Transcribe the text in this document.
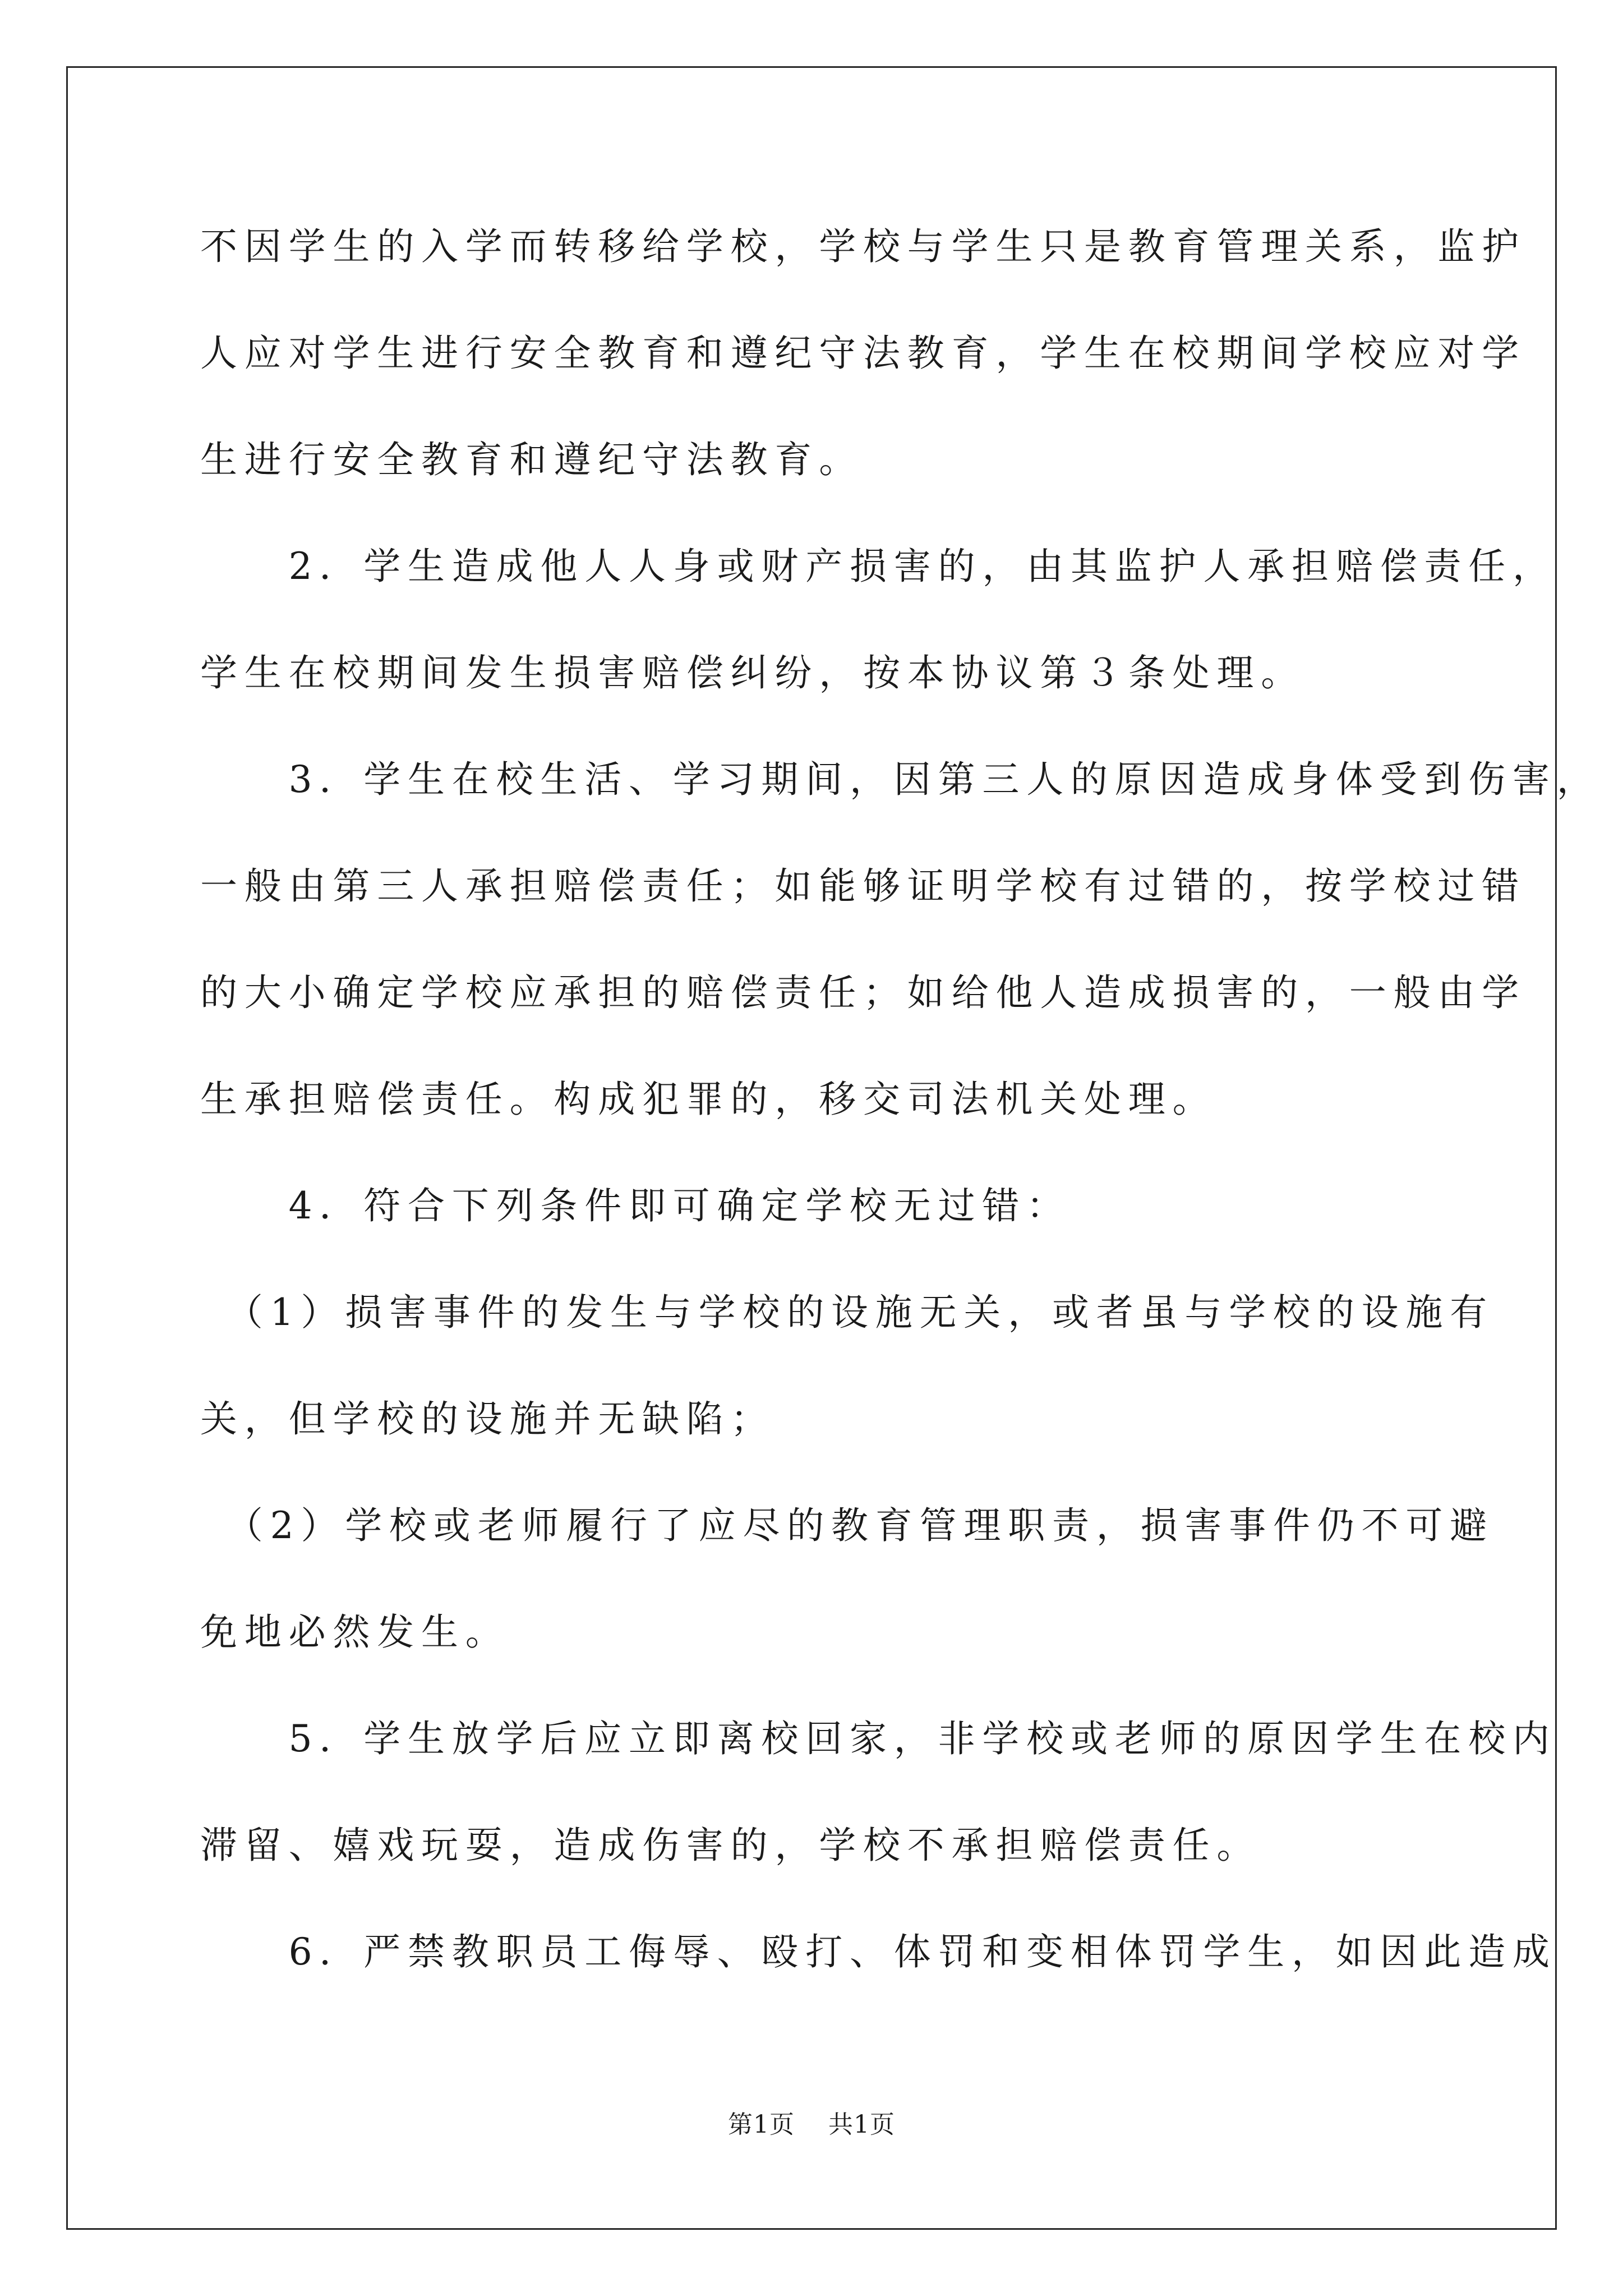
不因学生的入学而转移给学校，学校与学生只是教育管理关系，监护

人应对学生进行安全教育和遵纪守法教育，学生在校期间学校应对学

生进行安全教育和遵纪守法教育。

　　2．学生造成他人人身或财产损害的，由其监护人承担赔偿责任，

学生在校期间发生损害赔偿纠纷，按本协议第３条处理。

　　3．学生在校生活、学习期间，因第三人的原因造成身体受到伤害，

一般由第三人承担赔偿责任；如能够证明学校有过错的，按学校过错

的大小确定学校应承担的赔偿责任；如给他人造成损害的，一般由学

生承担赔偿责任。构成犯罪的，移交司法机关处理。

　　4．符合下列条件即可确定学校无过错：

　（1）损害事件的发生与学校的设施无关，或者虽与学校的设施有

关，但学校的设施并无缺陷；

　（2）学校或老师履行了应尽的教育管理职责，损害事件仍不可避

免地必然发生。

　　5．学生放学后应立即离校回家，非学校或老师的原因学生在校内

滞留、嬉戏玩耍，造成伤害的，学校不承担赔偿责任。

　　6．严禁教职员工侮辱、殴打、体罚和变相体罚学生，如因此造成

第1页 共1页
